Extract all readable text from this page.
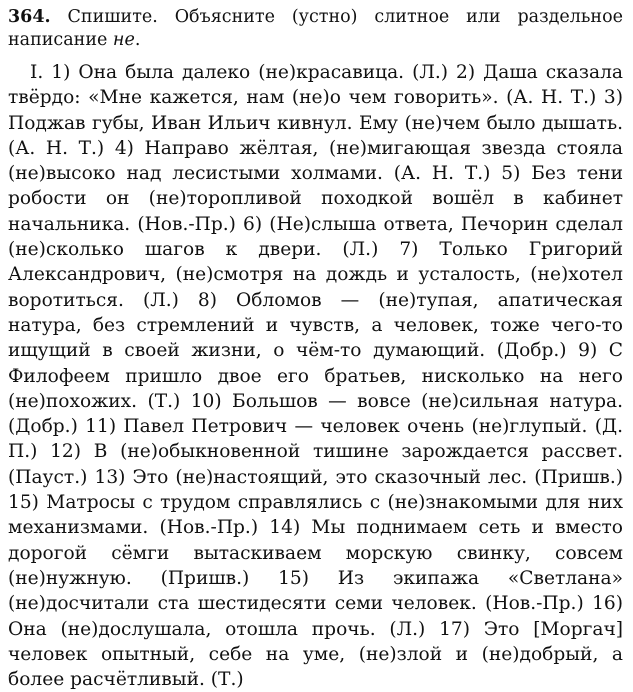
364. Спишите. Объясните (устно) слитное или раздельное написание не.

I. 1) Она была далеко (не)красавица. (Л.) 2) Даша сказала твёрдо: «Мне кажется, нам (не)о чем говорить». (А. Н. Т.) 3) Поджав губы, Иван Ильич кивнул. Ему (не)чем было дышать. (А. Н. Т.) 4) Направо жёлтая, (не)мигающая звезда стояла (не)высоко над лесистыми холмами. (А. Н. Т.) 5) Без тени робости он (не)торопливой походкой вошёл в кабинет начальника. (Нов.-Пр.) 6) (Не)слыша ответа, Печорин сделал (не)сколько шагов к двери. (Л.) 7) Только Григорий Александрович, (не)смотря на дождь и усталость, (не)хотел воротиться. (Л.) 8) Обломов — (не)тупая, апатическая натура, без стремлений и чувств, а человек, тоже чего-то ищущий в своей жизни, о чём-то думающий. (Добр.) 9) С Филофеем пришло двое его братьев, нисколько на него (не)похожих. (Т.) 10) Большов — вовсе (не)сильная натура. (Добр.) 11) Павел Петрович — человек очень (не)глупый. (Д. П.) 12) В (не)обыкновенной тишине зарождается рассвет. (Пауст.) 13) Это (не)настоящий, это сказочный лес. (Пришв.) 15) Матросы с трудом справлялись с (не)знакомыми для них механизмами. (Нов.-Пр.) 14) Мы поднимаем сеть и вместо дорогой сёмги вытаскиваем морскую свинку, совсем (не)нужную. (Пришв.) 15) Из экипажа «Светлана» (не)досчитали ста шестидесяти семи человек. (Нов.-Пр.) 16) Она (не)дослушала, отошла прочь. (Л.) 17) Это [Моргач] человек опытный, себе на уме, (не)злой и (не)добрый, а более расчётливый. (Т.)
